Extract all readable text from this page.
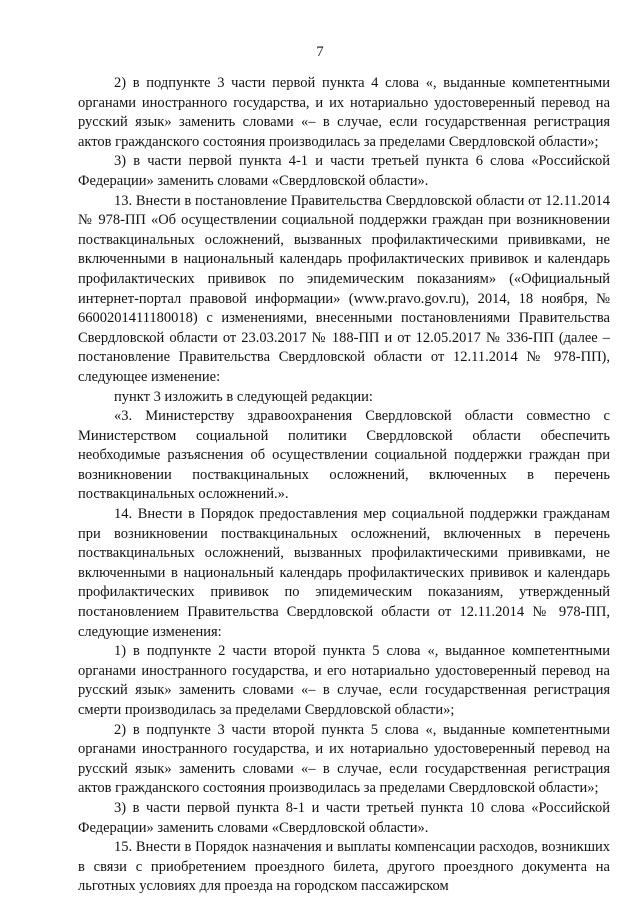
7

2) в подпункте 3 части первой пункта 4 слова «, выданные компетентными органами иностранного государства, и их нотариально удостоверенный перевод на русский язык» заменить словами «– в случае, если государственная регистрация актов гражданского состояния производилась за пределами Свердловской области»;

3) в части первой пункта 4-1 и части третьей пункта 6 слова «Российской Федерации» заменить словами «Свердловской области».

13. Внести в постановление Правительства Свердловской области от 12.11.2014 № 978-ПП «Об осуществлении социальной поддержки граждан при возникновении поствакцинальных осложнений, вызванных профилактическими прививками, не включенными в национальный календарь профилактических прививок и календарь профилактических прививок по эпидемическим показаниям» («Официальный интернет-портал правовой информации» (www.pravo.gov.ru), 2014, 18 ноября, № 6600201411180018) с изменениями, внесенными постановлениями Правительства Свердловской области от 23.03.2017 № 188-ПП и от 12.05.2017 № 336-ПП (далее – постановление Правительства Свердловской области от 12.11.2014 № 978-ПП), следующее изменение:

пункт 3 изложить в следующей редакции:

«3. Министерству здравоохранения Свердловской области совместно с Министерством социальной политики Свердловской области обеспечить необходимые разъяснения об осуществлении социальной поддержки граждан при возникновении поствакцинальных осложнений, включенных в перечень поствакцинальных осложнений.».

14. Внести в Порядок предоставления мер социальной поддержки гражданам при возникновении поствакцинальных осложнений, включенных в перечень поствакцинальных осложнений, вызванных профилактическими прививками, не включенными в национальный календарь профилактических прививок и календарь профилактических прививок по эпидемическим показаниям, утвержденный постановлением Правительства Свердловской области от 12.11.2014 № 978-ПП, следующие изменения:

1) в подпункте 2 части второй пункта 5 слова «, выданное компетентными органами иностранного государства, и его нотариально удостоверенный перевод на русский язык» заменить словами «– в случае, если государственная регистрация смерти производилась за пределами Свердловской области»;

2) в подпункте 3 части второй пункта 5 слова «, выданные компетентными органами иностранного государства, и их нотариально удостоверенный перевод на русский язык» заменить словами «– в случае, если государственная регистрация актов гражданского состояния производилась за пределами Свердловской области»;

3) в части первой пункта 8-1 и части третьей пункта 10 слова «Российской Федерации» заменить словами «Свердловской области».

15. Внести в Порядок назначения и выплаты компенсации расходов, возникших в связи с приобретением проездного билета, другого проездного документа на льготных условиях для проезда на городском пассажирском
